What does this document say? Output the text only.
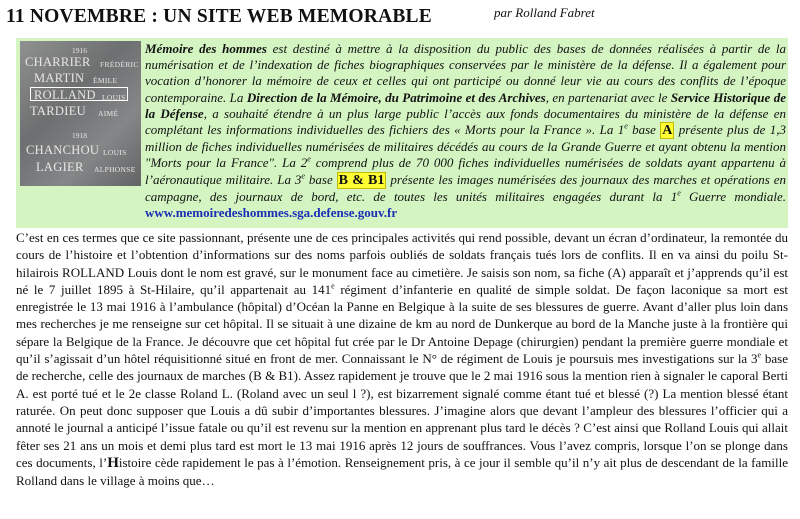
11 NOVEMBRE : UN SITE WEB MEMORABLE	par Rolland Fabret
1916
CHARRIER FRÉDÉRIC
MARTIN ÉMILE
ROLLAND LOUIS
TARDIEU AIMÉ
1918
CHANCHOU LOUIS
LAGIER ALPHONSE
Mémoire des hommes est destiné à mettre à la disposition du public des bases de données réalisées à partir de la numérisation et de l’indexation de fiches biographiques conservées par le ministère de la défense. Il a également pour vocation d’honorer la mémoire de ceux et celles qui ont participé ou donné leur vie au cours des conflits de l’époque contemporaine. La Direction de la Mémoire, du Patrimoine et des Archives, en partenariat avec le Service Historique de la Défense, a souhaité étendre à un plus large public l’accès aux fonds documentaires du ministère de la défense en complétant les informations individuelles des fichiers des « Morts pour la France ». La 1e base A présente plus de 1,3 million de fiches individuelles numérisées de militaires décédés au cours de la Grande Guerre et ayant obtenu la mention "Morts pour la France". La 2e comprend plus de 70 000 fiches individuelles numérisées de soldats ayant appartenu à l’aéronautique militaire. La 3e base B & B1 présente les images numérisées des journaux des marches et opérations en campagne, des journaux de bord, etc. de toutes les unités militaires engagées durant la 1e Guerre mondiale. www.memoiredeshommes.sga.defense.gouv.fr

C’est en ces termes que ce site passionnant, présente une de ces principales activités qui rend possible, devant un écran d’ordinateur, la remontée du cours de l’histoire et l’obtention d’informations sur des noms parfois oubliés de soldats français tués lors de conflits. Il en va ainsi du poilu St-hilairois ROLLAND Louis dont le nom est gravé, sur le monument face au cimetière. Je saisis son nom, sa fiche (A) apparaît et j’apprends qu’il est né le 7 juillet 1895 à St-Hilaire, qu’il appartenait au 141e régiment d’infanterie en qualité de simple soldat. De façon laconique sa mort est enregistrée le 13 mai 1916 à l’ambulance (hôpital) d’Océan la Panne en Belgique à la suite de ses blessures de guerre. Avant d’aller plus loin dans mes recherches je me renseigne sur cet hôpital. Il se situait à une dizaine de km au nord de Dunkerque au bord de la Manche juste à la frontière qui sépare la Belgique de la France. Je découvre que cet hôpital fut crée par le Dr Antoine Depage (chirurgien) pendant la première guerre mondiale et qu’il s’agissait d’un hôtel réquisitionné situé en front de mer. Connaissant le N° de régiment de Louis je poursuis mes investigations sur la 3e base de recherche, celle des journaux de marches (B & B1). Assez rapidement je trouve que le 2 mai 1916 sous la mention rien à signaler le caporal Berti A. est porté tué et le 2e classe Roland L. (Roland avec un seul l ?), est bizarrement signalé comme étant tué et blessé (?) La mention blessé étant raturée. On peut donc supposer que Louis a dû subir d’importantes blessures. J’imagine alors que devant l’ampleur des blessures l’officier qui a annoté le journal a anticipé l’issue fatale ou qu’il est revenu sur la mention en apprenant plus tard le décès ? C’est ainsi que Rolland Louis qui allait fêter ses 21 ans un mois et demi plus tard est mort le 13 mai 1916 après 12 jours de souffrances. Vous l’avez compris, lorsque l’on se plonge dans ces documents, l’Histoire cède rapidement le pas à l’émotion. Renseignement pris, à ce jour il semble qu’il n’y ait plus de descendant de la famille Rolland dans le village à moins que…
